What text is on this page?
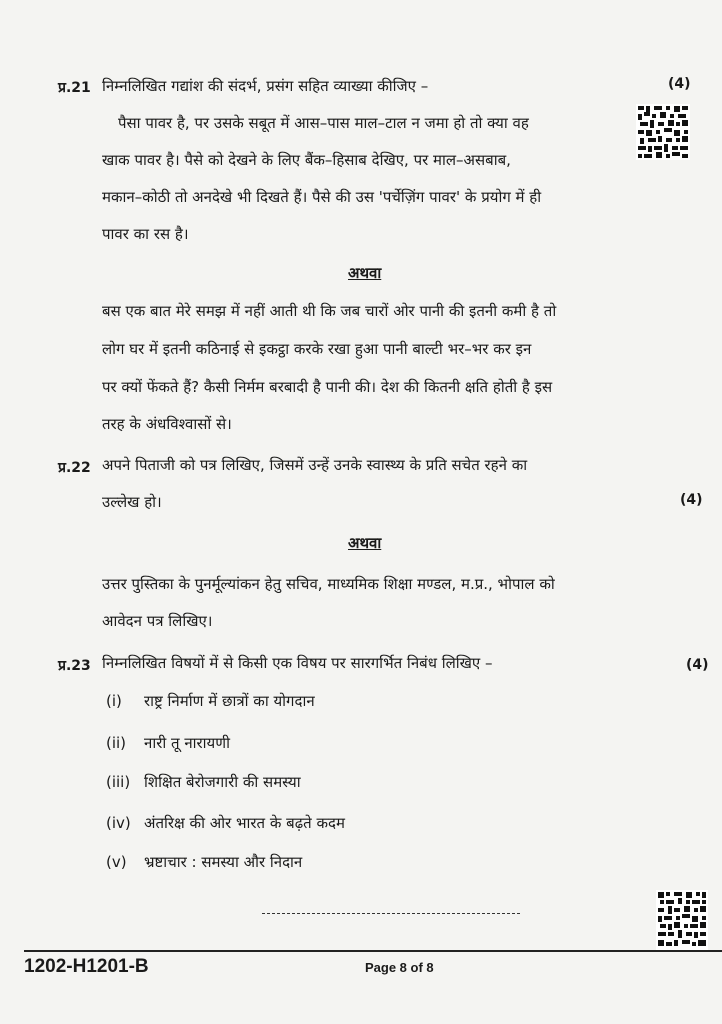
प्र.21 निम्नलिखित गद्यांश की संदर्भ, प्रसंग सहित व्याख्या कीजिए –	(4)
पैसा पावर है, पर उसके सबूत में आस–पास माल–टाल न जमा हो तो क्या वह
खाक पावर है। पैसे को देखने के लिए बैंक–हिसाब देखिए, पर माल–असबाब,
मकान–कोठी तो अनदेखे भी दिखते हैं। पैसे की उस 'पर्चेज़िंग पावर' के प्रयोग में ही
पावर का रस है।
अथवा
बस एक बात मेरे समझ में नहीं आती थी कि जब चारों ओर पानी की इतनी कमी है तो
लोग घर में इतनी कठिनाई से इकट्ठा करके रखा हुआ पानी बाल्टी भर–भर कर इन
पर क्यों फेंकते हैं? कैसी निर्मम बरबादी है पानी की। देश की कितनी क्षति होती है इस
तरह के अंधविश्वासों से।
प्र.22 अपने पिताजी को पत्र लिखिए, जिसमें उन्हें उनके स्वास्थ्य के प्रति सचेत रहने का
उल्लेख हो।	(4)
अथवा
उत्तर पुस्तिका के पुनर्मूल्यांकन हेतु सचिव, माध्यमिक शिक्षा मण्डल, म.प्र., भोपाल को
आवेदन पत्र लिखिए।
प्र.23 निम्नलिखित विषयों में से किसी एक विषय पर सारगर्भित निबंध लिखिए –	(4)
(i) राष्ट्र निर्माण में छात्रों का योगदान
(ii) नारी तू नारायणी
(iii) शिक्षित बेरोजगारी की समस्या
(iv) अंतरिक्ष की ओर भारत के बढ़ते कदम
(v) भ्रष्टाचार : समस्या और निदान
1202-H1201-B	Page 8 of 8
